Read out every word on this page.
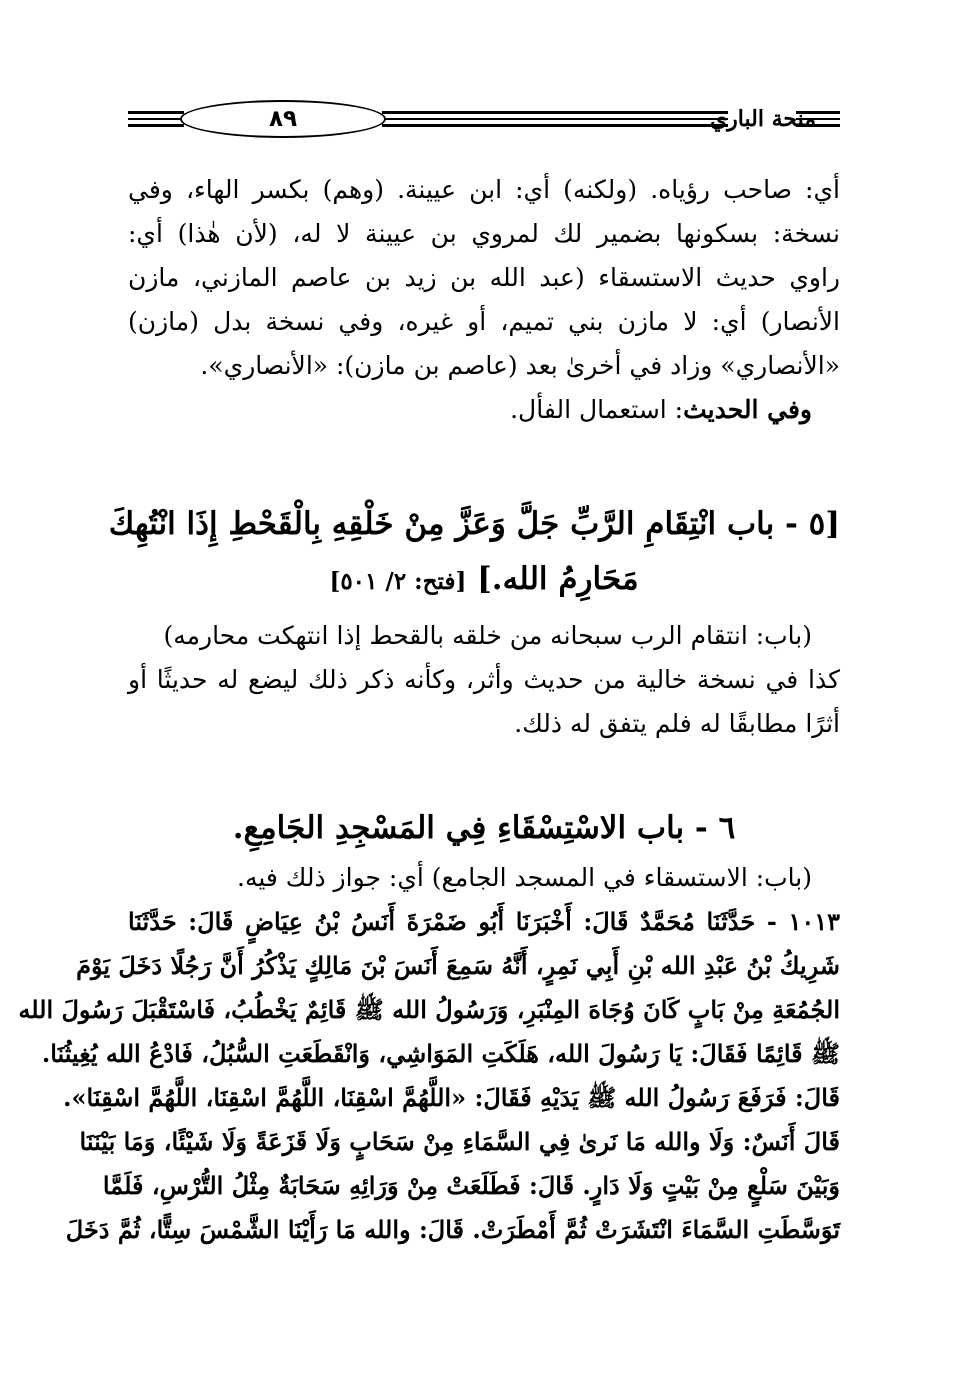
٨٩	منحة الباري
أي: صاحب رؤياه. (ولكنه) أي: ابن عيينة. (وهم) بكسر الهاء، وفي
نسخة: بسكونها بضمير لك لمروي بن عيينة لا له، (لأن هٰذا) أي:
راوي حديث الاستسقاء (عبد الله بن زيد بن عاصم المازني، مازن
الأنصار) أي: لا مازن بني تميم، أو غيره، وفي نسخة بدل (مازن)
«الأنصاري» وزاد في أخرىٰ بعد (عاصم بن مازن): «الأنصاري».
وفي الحديث: استعمال الفأل.
[٥ - باب انْتِقَامِ الرَّبِّ جَلَّ وَعَزَّ مِنْ خَلْقِهِ بِالْقَحْطِ إِذَا انْتُهِكَ
مَحَارِمُ الله.] [فتح: ٢/ ٥٠١]
(باب: انتقام الرب سبحانه من خلقه بالقحط إذا انتهكت محارمه)
كذا في نسخة خالية من حديث وأثر، وكأنه ذكر ذلك ليضع له حديثًا أو
أثرًا مطابقًا له فلم يتفق له ذلك.
٦ - باب الاسْتِسْقَاءِ فِي المَسْجِدِ الجَامِعِ.
(باب: الاستسقاء في المسجد الجامع) أي: جواز ذلك فيه.
١٠١٣ - حَدَّثَنَا مُحَمَّدٌ قَالَ: أَخْبَرَنَا أَبُو ضَمْرَةَ أَنَسُ بْنُ عِيَاضٍ قَالَ: حَدَّثَنَا
شَرِيكُ بْنُ عَبْدِ الله بْنِ أَبِي نَمِرٍ، أَنَّهُ سَمِعَ أَنَسَ بْنَ مَالِكٍ يَذْكُرُ أَنَّ رَجُلًا دَخَلَ يَوْمَ
الجُمُعَةِ مِنْ بَابٍ كَانَ وُجَاهَ المِنْبَرِ، وَرَسُولُ الله ﷺ قَائِمٌ يَخْطُبُ، فَاسْتَقْبَلَ رَسُولَ الله
ﷺ قَائِمًا فَقَالَ: يَا رَسُولَ الله، هَلَكَتِ المَوَاشِي، وَانْقَطَعَتِ السُّبُلُ، فَادْعُ الله يُغِيثُنَا.
قَالَ: فَرَفَعَ رَسُولُ الله ﷺ يَدَيْهِ فَقَالَ: «اللَّهُمَّ اسْقِنَا، اللَّهُمَّ اسْقِنَا، اللَّهُمَّ اسْقِنَا».
قَالَ أَنَسٌ: وَلَا والله مَا نَرىٰ فِي السَّمَاءِ مِنْ سَحَابٍ وَلَا قَزَعَةً وَلَا شَيْئًا، وَمَا بَيْنَنَا
وَبَيْنَ سَلْعٍ مِنْ بَيْتٍ وَلَا دَارٍ. قَالَ: فَطَلَعَتْ مِنْ وَرَائِهِ سَحَابَةٌ مِثْلُ التُّرْسِ، فَلَمَّا
تَوَسَّطَتِ السَّمَاءَ انْتَشَرَتْ ثُمَّ أَمْطَرَتْ. قَالَ: والله مَا رَأَيْنَا الشَّمْسَ سِتًّا، ثُمَّ دَخَلَ
